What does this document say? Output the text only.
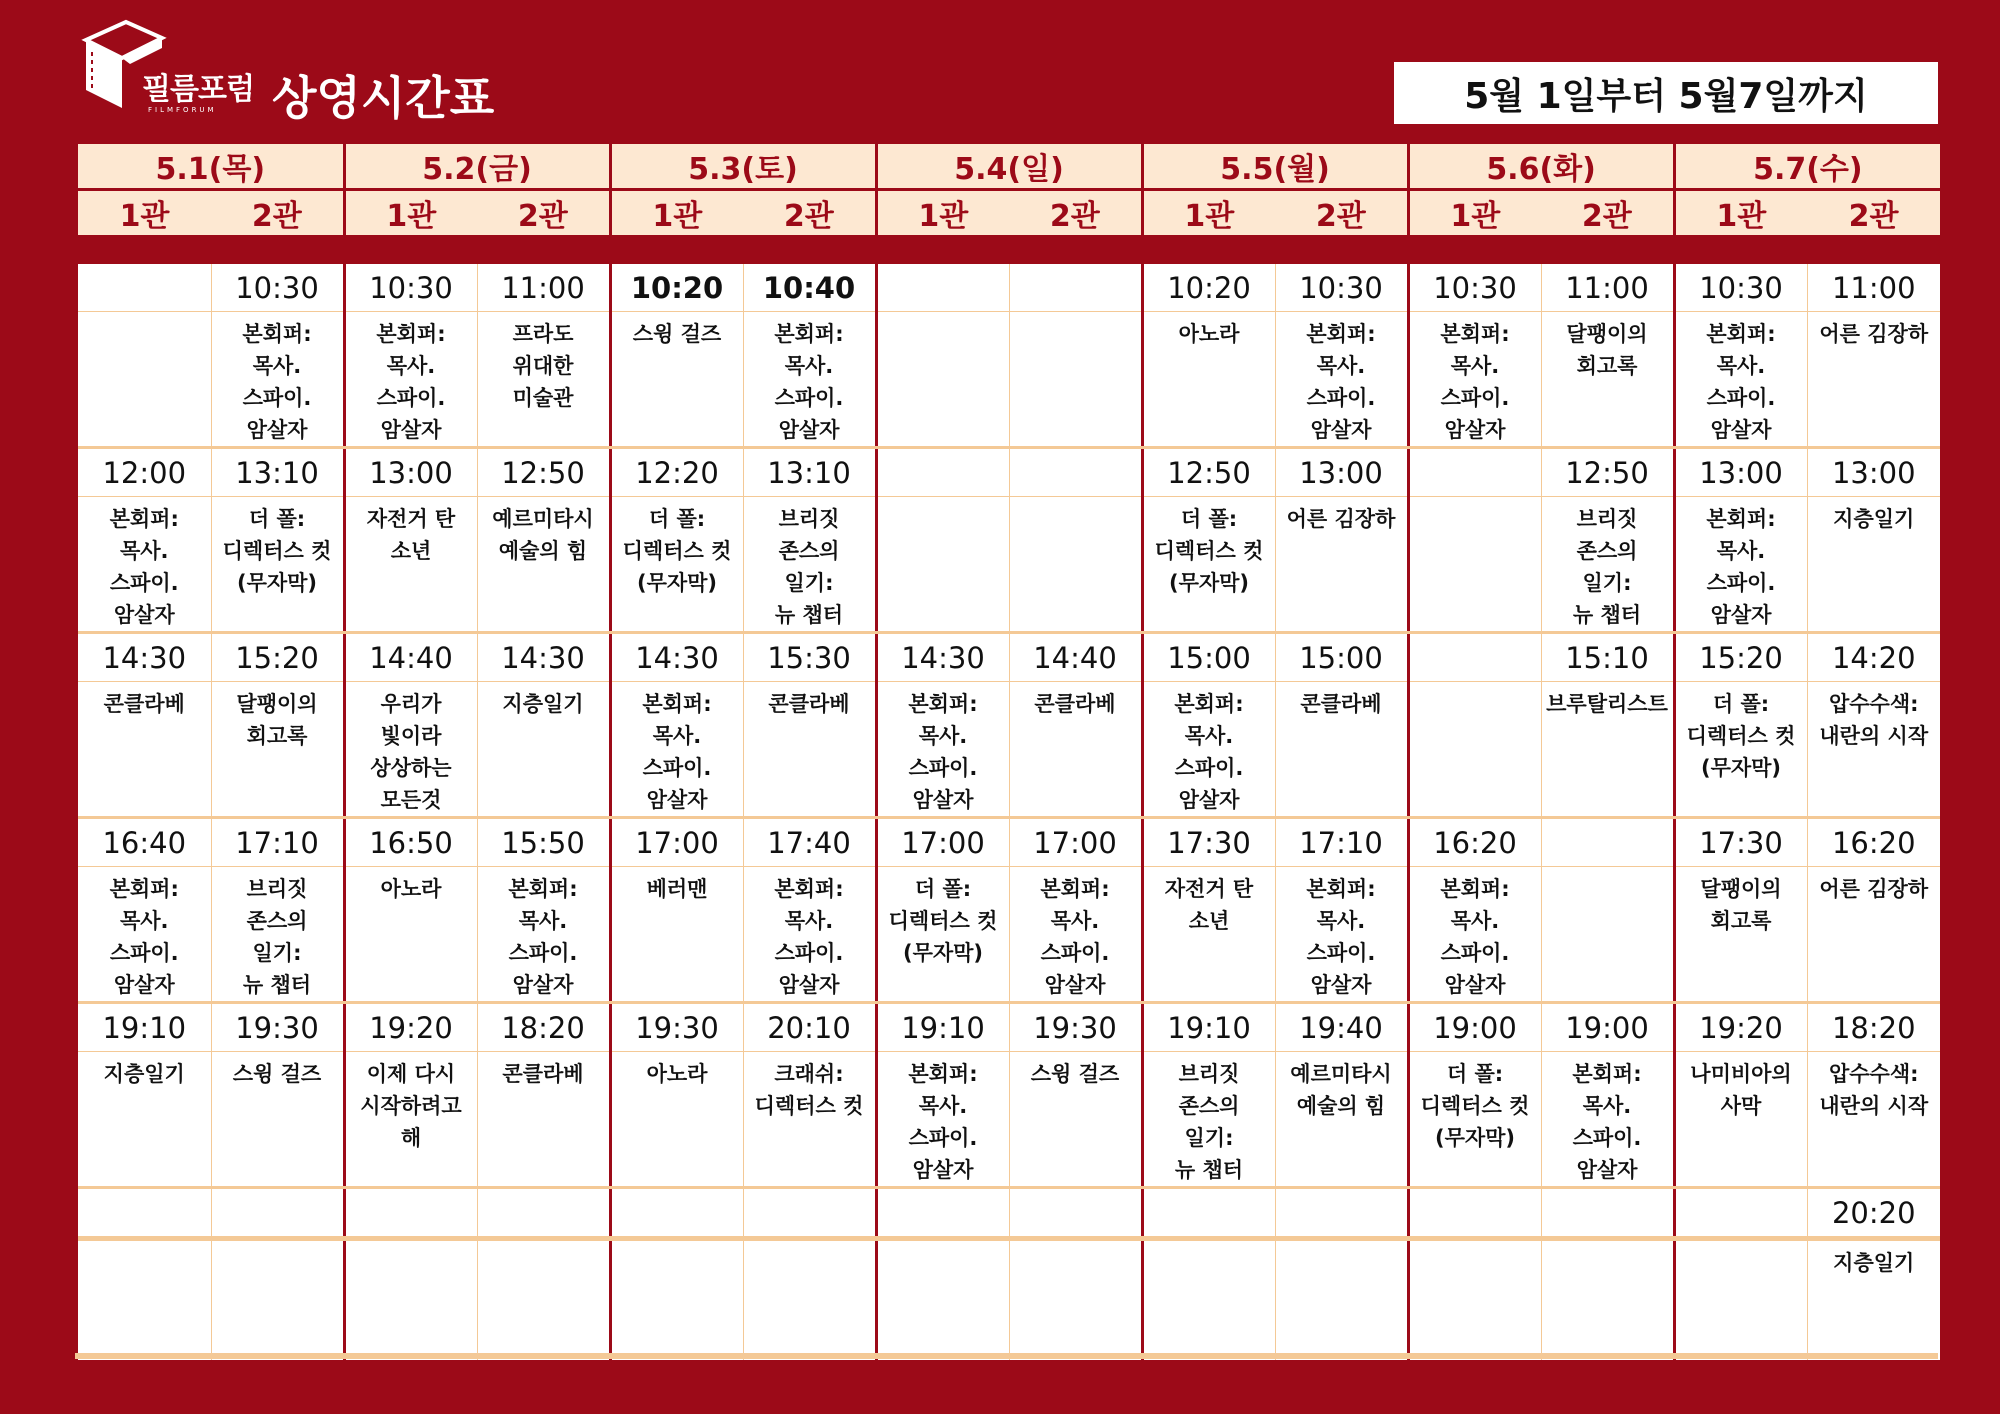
필름포럼
FILMFORUM 상영시간표	5월 1일부터 5월7일까지
5.1(목)		5.2(금)		5.3(토)		5.4(일)		5.5(월)		5.6(화)		5.7(수)	
1관	2관	1관	2관	1관	2관	1관	2관	1관	2관	1관	2관	1관	2관
	10:30	10:30	11:00	10:20	10:40			10:20	10:30	10:30	11:00	10:30	11:00
	본회퍼:
목사.
스파이.
암살자	본회퍼:
목사.
스파이.
암살자	프라도
위대한
미술관	스윙 걸즈	본회퍼:
목사.
스파이.
암살자			아노라	본회퍼:
목사.
스파이.
암살자	본회퍼:
목사.
스파이.
암살자	달팽이의
회고록	본회퍼:
목사.
스파이.
암살자	어른 김장하
12:00	13:10	13:00	12:50	12:20	13:10			12:50	13:00		12:50	13:00	13:00
본회퍼:
목사.
스파이.
암살자	더 폴:
디렉터스 컷
(무자막)	자전거 탄
소년	예르미타시
예술의 힘	더 폴:
디렉터스 컷
(무자막)	브리짓
존스의
일기:
뉴 챕터			더 폴:
디렉터스 컷
(무자막)	어른 김장하		브리짓
존스의
일기:
뉴 챕터	본회퍼:
목사.
스파이.
암살자	지층일기
14:30	15:20	14:40	14:30	14:30	15:30	14:30	14:40	15:00	15:00		15:10	15:20	14:20
콘클라베	달팽이의
회고록	우리가
빛이라
상상하는
모든것	지층일기	본회퍼:
목사.
스파이.
암살자	콘클라베	본회퍼:
목사.
스파이.
암살자	콘클라베	본회퍼:
목사.
스파이.
암살자	콘클라베		브루탈리스트	더 폴:
디렉터스 컷
(무자막)	압수수색:
내란의 시작
16:40	17:10	16:50	15:50	17:00	17:40	17:00	17:00	17:30	17:10	16:20		17:30	16:20
본회퍼:
목사.
스파이.
암살자	브리짓
존스의
일기:
뉴 챕터	아노라	본회퍼:
목사.
스파이.
암살자	베러맨	본회퍼:
목사.
스파이.
암살자	더 폴:
디렉터스 컷
(무자막)	본회퍼:
목사.
스파이.
암살자	자전거 탄
소년	본회퍼:
목사.
스파이.
암살자	본회퍼:
목사.
스파이.
암살자		달팽이의
회고록	어른 김장하
19:10	19:30	19:20	18:20	19:30	20:10	19:10	19:30	19:10	19:40	19:00	19:00	19:20	18:20
지층일기	스윙 걸즈	이제 다시
시작하려고
해	콘클라베	아노라	크래쉬:
디렉터스 컷	본회퍼:
목사.
스파이.
암살자	스윙 걸즈	브리짓
존스의
일기:
뉴 챕터	예르미타시
예술의 힘	더 폴:
디렉터스 컷
(무자막)	본회퍼:
목사.
스파이.
암살자	나미비아의
사막	압수수색:
내란의 시작
													20:20
													지층일기
